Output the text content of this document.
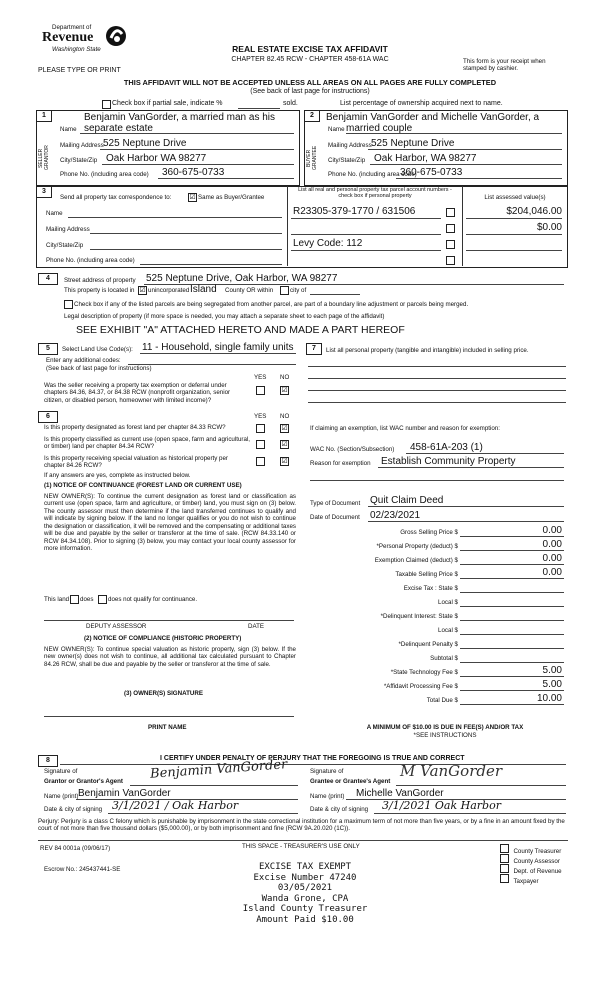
Department of
Revenue
Washington State
PLEASE TYPE OR PRINT
REAL ESTATE EXCISE TAX AFFIDAVIT
CHAPTER 82.45 RCW - CHAPTER 458-61A WAC	This form is your receipt when stamped by cashier.
THIS AFFIDAVIT WILL NOT BE ACCEPTED UNLESS ALL AREAS ON ALL PAGES ARE FULLY COMPLETED
(See back of last page for instructions)
Check box if partial sale, indicate %	sold.	List percentage of ownership acquired next to name.
1	2
SELLER GRANTOR	BUYER GRANTEE
Benjamin VanGorder, a married man as his separate estate
Name
Mailing Address 525 Neptune Drive
City/State/Zip Oak Harbor WA 98277
Phone No. (including area code) 360-675-0733
Benjamin VanGorder and Michelle VanGorder, a
Name married couple
Mailing Address 525 Neptune Drive
City/State/Zip Oak Harbor, WA 98277
Phone No. (including area code)
360-675-0733
3
Send all property tax correspondence to:	☑ Same as Buyer/Grantee
Name
Mailing Address
City/State/Zip
Phone No. (including area code)
List all real and personal property tax parcel account numbers - check box if personal property	List assessed value(s)
R23305-379-1770 / 631506	$204,046.00
$0.00
Levy Code: 112
4	Street address of property 525 Neptune Drive, Oak Harbor, WA 98277
This property is located in ☑ unincorporated Island County OR within	city of
Check box if any of the listed parcels are being segregated from another parcel, are part of a boundary line adjustment or parcels being merged.
Legal description of property (if more space is needed, you may attach a separate sheet to each page of the affidavit)
SEE EXHIBIT "A" ATTACHED HERETO AND MADE A PART HEREOF
5	Select Land Use Code(s): 11 - Household, single family units
Enter any additional codes:
(See back of last page for instructions)
YES NO
Was the seller receiving a property tax exemption or deferral under chapters 84.36, 84.37, or 84.38 RCW (nonprofit organization, senior citizen, or disabled person, homeowner with limited income)?
☑
7	List all personal property (tangible and intangible) included in selling price.
6	YES NO
Is this property designated as forest land per chapter 84.33 RCW?	☑
Is this property classified as current use (open space, farm and agricultural, or timber) land per chapter 84.34 RCW?	☑
Is this property receiving special valuation as historical property per chapter 84.26 RCW?
☑
If any answers are yes, complete as instructed below.
(1) NOTICE OF CONTINUANCE (FOREST LAND OR CURRENT USE)
NEW OWNER(S): To continue the current designation as forest land or classification as current use (open space, farm and agriculture, or timber) land, you must sign on (3) below. The county assessor must then determine if the land transferred continues to qualify and will indicate by signing below. If the land no longer qualifies or you do not wish to continue the designation or classification, it will be removed and the compensating or additional taxes will be due and payable by the seller or transferor at the time of sale. (RCW 84.33.140 or RCW 84.34.108). Prior to signing (3) below, you may contact your local county assessor for more information.
This land does does not qualify for continuance.
DEPUTY ASSESSOR	DATE
(2) NOTICE OF COMPLIANCE (HISTORIC PROPERTY)
NEW OWNER(S): To continue special valuation as historic property, sign (3) below. If the new owner(s) does not wish to continue, all additional tax calculated pursuant to Chapter 84.26 RCW, shall be due and payable by the seller or transferor at the time of sale.
(3) OWNER(S) SIGNATURE
PRINT NAME
If claiming an exemption, list WAC number and reason for exemption:
WAC No. (Section/Subsection) 458-61A-203 (1)
Reason for exemption Establish Community Property
Type of Document Quit Claim Deed
Date of Document 02/23/2021
Gross Selling Price $	0.00
*Personal Property (deduct) $	0.00
Exemption Claimed (deduct) $	0.00
Taxable Selling Price $	0.00
Excise Tax : State $
Local $
*Delinquent Interest: State $
Local $
*Delinquent Penalty $
Subtotal $
*State Technology Fee $	5.00
*Affidavit Processing Fee $	5.00
Total Due $	10.00
A MINIMUM OF $10.00 IS DUE IN FEE(S) AND/OR TAX
*SEE INSTRUCTIONS
8	I CERTIFY UNDER PENALTY OF PERJURY THAT THE FOREGOING IS TRUE AND CORRECT
Signature of
Grantor or Grantor's Agent Benjamin VanGorder
Name (print) Benjamin VanGorder
Date & city of signing 3/1/2021 / Oak Harbor
Signature of
Grantee or Grantee's Agent
M VanGorder
Name (print) Michelle VanGorder
Date & city of signing 3/1/2021 Oak Harbor
Perjury: Perjury is a class C felony which is punishable by imprisonment in the state correctional institution for a maximum term of not more than five years, or by a fine in an amount fixed by the court of not more than five thousand dollars ($5,000.00), or by both imprisonment and fine (RCW 9A.20.020 (1C)).
REV 84 0001a (09/06/17)	THIS SPACE - TREASURER'S USE ONLY
Escrow No.: 245437441-SE
County Treasurer
County Assessor
Dept. of Revenue
Taxpayer
EXCISE TAX EXEMPT
Excise Number 47240
03/05/2021
Wanda Grone, CPA
Island County Treasurer
Amount Paid $10.00
